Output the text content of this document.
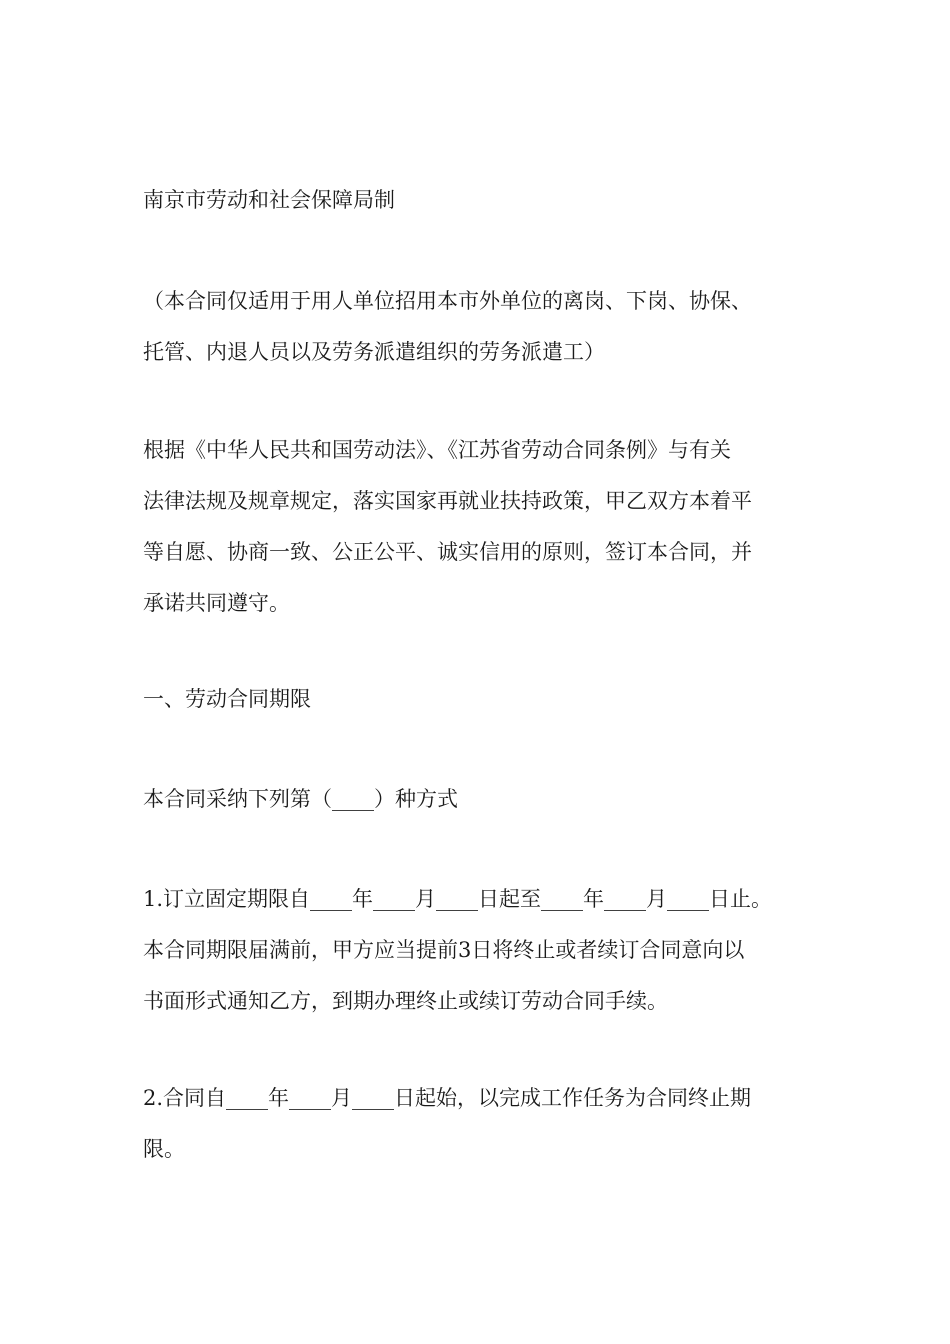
南京市劳动和社会保障局制

（本合同仅适用于用人单位招用本市外单位的离岗、下岗、协保、
托管、内退人员以及劳务派遣组织的劳务派遣工）

根据《中华人民共和国劳动法》、《江苏省劳动合同条例》与有关
法律法规及规章规定，落实国家再就业扶持政策，甲乙双方本着平
等自愿、协商一致、公正公平、诚实信用的原则，签订本合同，并
承诺共同遵守。

一、劳动合同期限

本合同采纳下列第（____）种方式

1.订立固定期限自____年____月____日起至____年____月____日止。
本合同期限届满前，甲方应当提前3日将终止或者续订合同意向以
书面形式通知乙方，到期办理终止或续订劳动合同手续。

2.合同自____年____月____日起始，以完成工作任务为合同终止期
限。
